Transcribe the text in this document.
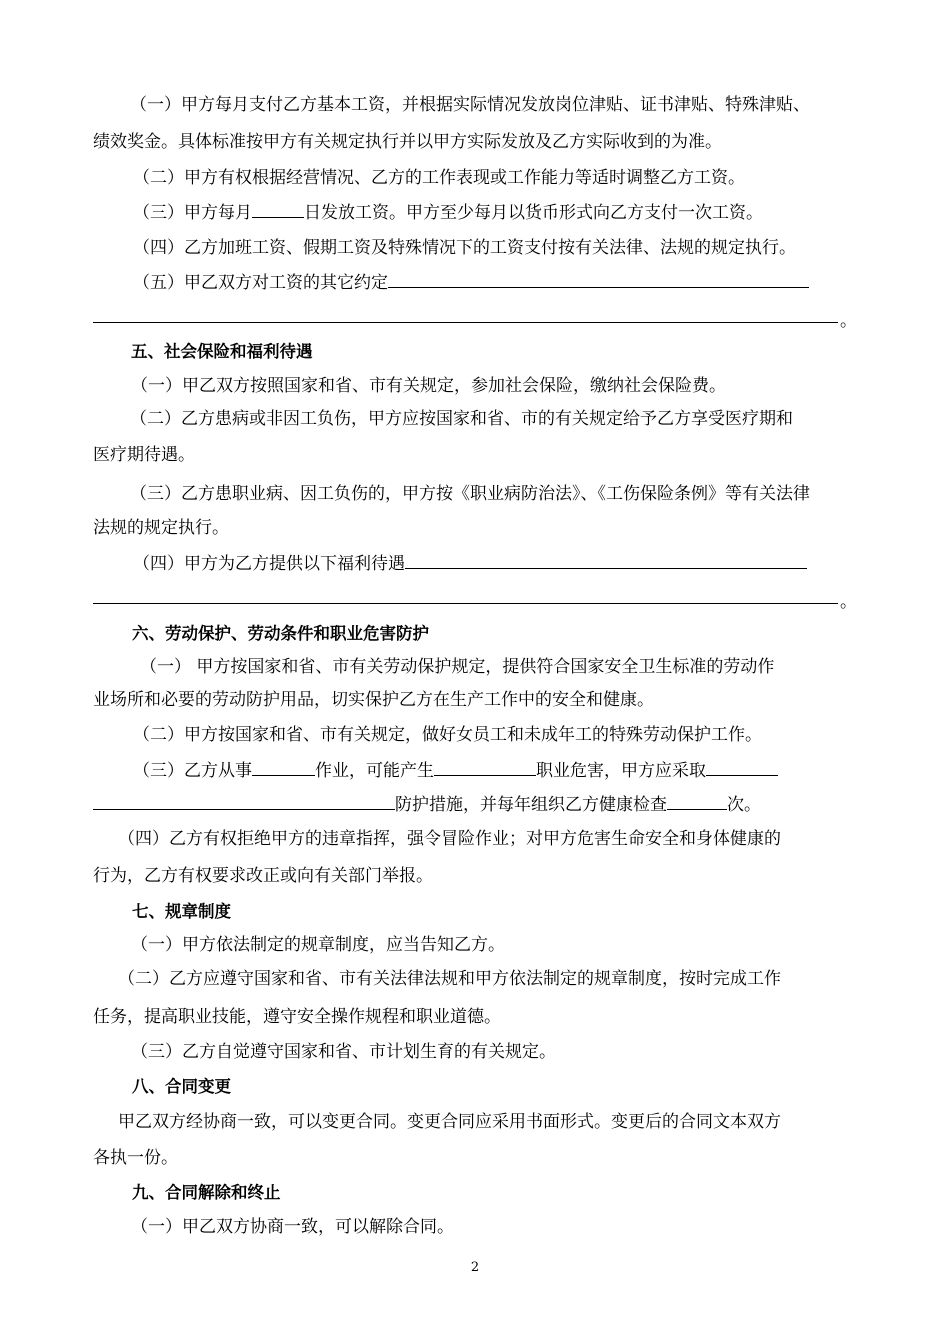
（一）甲方每月支付乙方基本工资，并根据实际情况发放岗位津贴、证书津贴、特殊津贴、
绩效奖金。具体标准按甲方有关规定执行并以甲方实际发放及乙方实际收到的为准。
（二）甲方有权根据经营情况、乙方的工作表现或工作能力等适时调整乙方工资。
（三）甲方每月	日发放工资。甲方至少每月以货币形式向乙方支付一次工资。
（四）乙方加班工资、假期工资及特殊情况下的工资支付按有关法律、法规的规定执行。
（五）甲乙双方对工资的其它约定
。
五、社会保险和福利待遇
（一）甲乙双方按照国家和省、市有关规定，参加社会保险，缴纳社会保险费。
（二）乙方患病或非因工负伤，甲方应按国家和省、市的有关规定给予乙方享受医疗期和
医疗期待遇。
（三）乙方患职业病、因工负伤的，甲方按《职业病防治法》、《工伤保险条例》等有关法律
法规的规定执行。
（四）甲方为乙方提供以下福利待遇
。
六、劳动保护、劳动条件和职业危害防护
（一） 甲方按国家和省、市有关劳动保护规定，提供符合国家安全卫生标准的劳动作
业场所和必要的劳动防护用品，切实保护乙方在生产工作中的安全和健康。
（二）甲方按国家和省、市有关规定，做好女员工和未成年工的特殊劳动保护工作。
（三）乙方从事	作业，可能产生	职业危害，甲方应采取
防护措施，并每年组织乙方健康检查	次。
（四）乙方有权拒绝甲方的违章指挥，强令冒险作业；对甲方危害生命安全和身体健康的
行为，乙方有权要求改正或向有关部门举报。
七、规章制度
（一）甲方依法制定的规章制度，应当告知乙方。
（二）乙方应遵守国家和省、市有关法律法规和甲方依法制定的规章制度，按时完成工作
任务，提高职业技能，遵守安全操作规程和职业道德。
（三）乙方自觉遵守国家和省、市计划生育的有关规定。
八、合同变更
甲乙双方经协商一致，可以变更合同。变更合同应采用书面形式。变更后的合同文本双方
各执一份。
九、合同解除和终止
（一）甲乙双方协商一致，可以解除合同。
2
